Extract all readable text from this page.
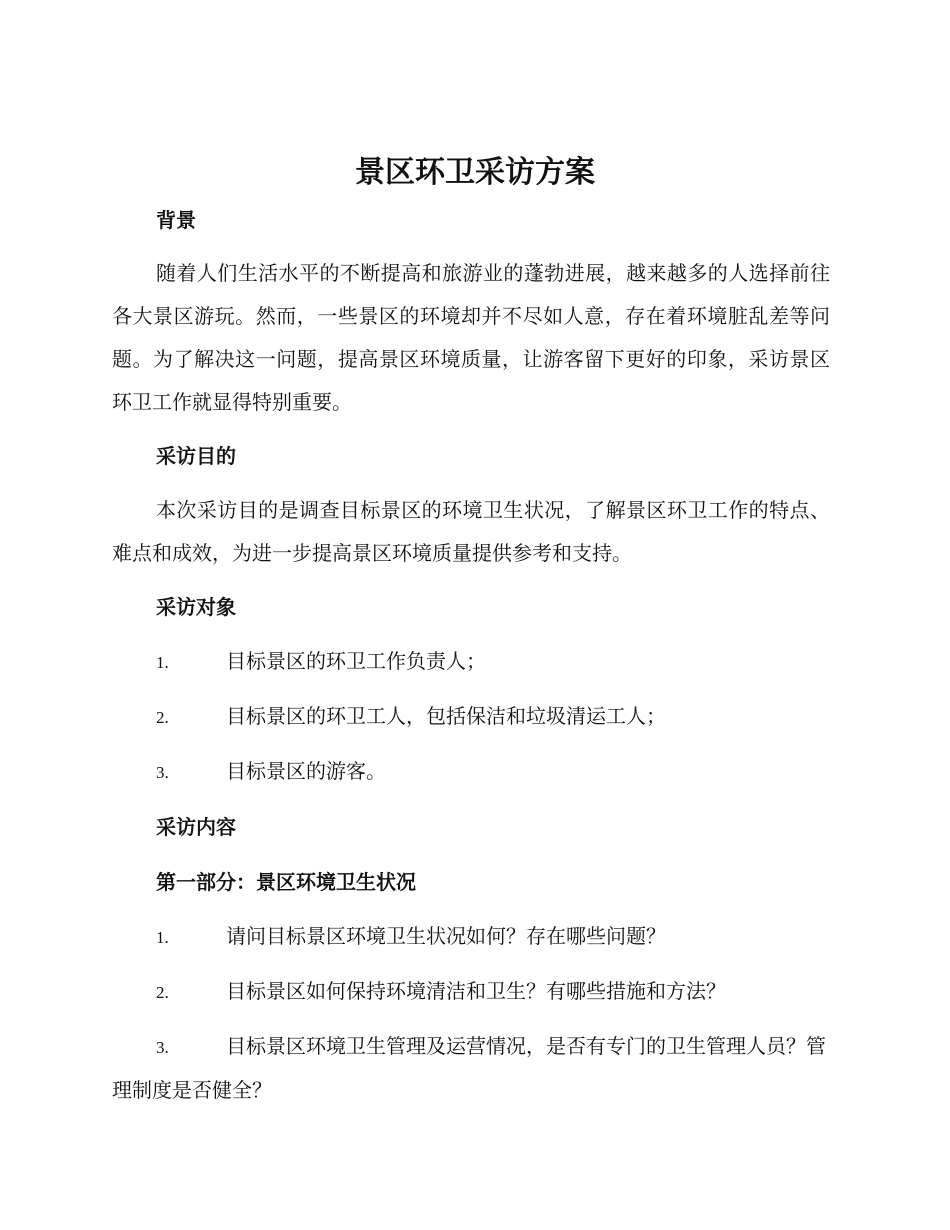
景区环卫采访方案
背景

随着人们生活水平的不断提高和旅游业的蓬勃进展，越来越多的人选择前往各大景区游玩。然而，一些景区的环境却并不尽如人意，存在着环境脏乱差等问题。为了解决这一问题，提高景区环境质量，让游客留下更好的印象，采访景区环卫工作就显得特别重要。

采访目的

本次采访目的是调查目标景区的环境卫生状况，了解景区环卫工作的特点、难点和成效，为进一步提高景区环境质量提供参考和支持。

采访对象

1.	目标景区的环卫工作负责人；

2.	目标景区的环卫工人，包括保洁和垃圾清运工人；

3.	目标景区的游客。

采访内容
第一部分：景区环境卫生状况

1.	请问目标景区环境卫生状况如何？存在哪些问题？

2.	目标景区如何保持环境清洁和卫生？有哪些措施和方法？

3.	目标景区环境卫生管理及运营情况，是否有专门的卫生管理人员？管理制度是否健全？
